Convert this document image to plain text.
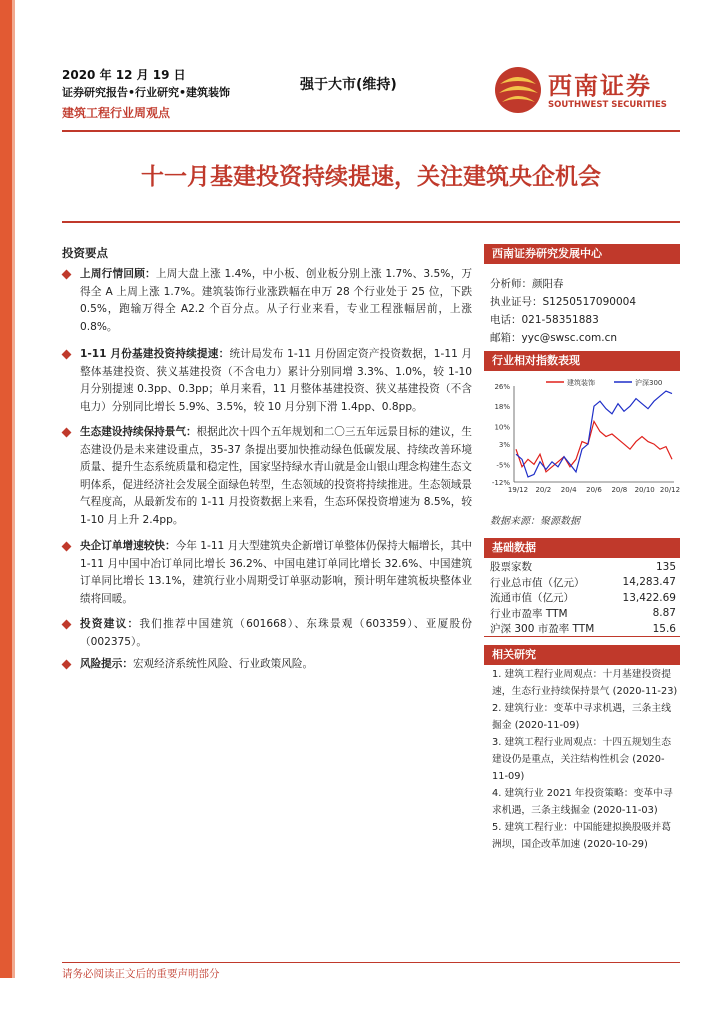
2020 年 12 月 19 日
证券研究报告•行业研究•建筑装饰
建筑工程行业周观点
强于大市(维持)	西南证券
SOUTHWEST SECURITIES
十一月基建投资持续提速，关注建筑央企机会
投资要点
上周行情回顾：上周大盘上涨 1.4%，中小板、创业板分别上涨 1.7%、3.5%，万得全 A 上周上涨 1.7%。建筑装饰行业涨跌幅在申万 28 个行业处于 25 位，下跌 0.5%，跑输万得全 A2.2 个百分点。从子行业来看，专业工程涨幅居前，上涨 0.8%。
1-11 月份基建投资持续提速：统计局发布 1-11 月份固定资产投资数据，1-11 月整体基建投资、狭义基建投资（不含电力）累计分别同增 3.3%、1.0%，较 1-10 月分别提速 0.3pp、0.3pp；单月来看，11 月整体基建投资、狭义基建投资（不含电力）分别同比增长 5.9%、3.5%，较 10 月分别下滑 1.4pp、0.8pp。
生态建设持续保持景气：根据此次十四个五年规划和二〇三五年远景目标的建议，生态建设仍是未来建设重点，35-37 条提出要加快推动绿色低碳发展、持续改善环境质量、提升生态系统质量和稳定性，国家坚持绿水青山就是金山银山理念构建生态文明体系，促进经济社会发展全面绿色转型，生态领域的投资将持续推进。生态领域景气程度高，从最新发布的 1-11 月投资数据上来看，生态环保投资增速为 8.5%，较 1-10 月上升 2.4pp。
央企订单增速较快：今年 1-11 月大型建筑央企新增订单整体仍保持大幅增长，其中 1-11 月中国中冶订单同比增长 36.2%、中国电建订单同比增长 32.6%、中国建筑订单同比增长 13.1%，建筑行业小周期受订单驱动影响，预计明年建筑板块整体业绩将回暖。
投资建议：我们推荐中国建筑（601668）、东珠景观（603359）、亚厦股份（002375）。
风险提示：宏观经济系统性风险、行业政策风险。
西南证券研究发展中心
分析师：颜阳春
执业证号：S1250517090004
电话：021-58351883
邮箱：yyc@swsc.com.cn
行业相对指数表现
26%
18%
10%
3%
-5%
-12%
19/12 20/2 20/4 20/6 20/8 20/10 20/12
建筑装饰	沪深300
数据来源：聚源数据
基础数据
股票家数	135
行业总市值（亿元）	14,283.47
流通市值（亿元）	13,422.69
行业市盈率 TTM	8.87
沪深 300 市盈率 TTM	15.6
相关研究
1. 建筑工程行业周观点：十月基建投资提速，生态行业持续保持景气 (2020-11-23)
2. 建筑行业：变革中寻求机遇，三条主线掘金 (2020-11-09)
3. 建筑工程行业周观点：十四五规划生态建设仍是重点，关注结构性机会 (2020-11-09)
4. 建筑行业 2021 年投资策略：变革中寻求机遇，三条主线掘金 (2020-11-03)
5. 建筑工程行业：中国能建拟换股吸并葛洲坝，国企改革加速 (2020-10-29)
请务必阅读正文后的重要声明部分
